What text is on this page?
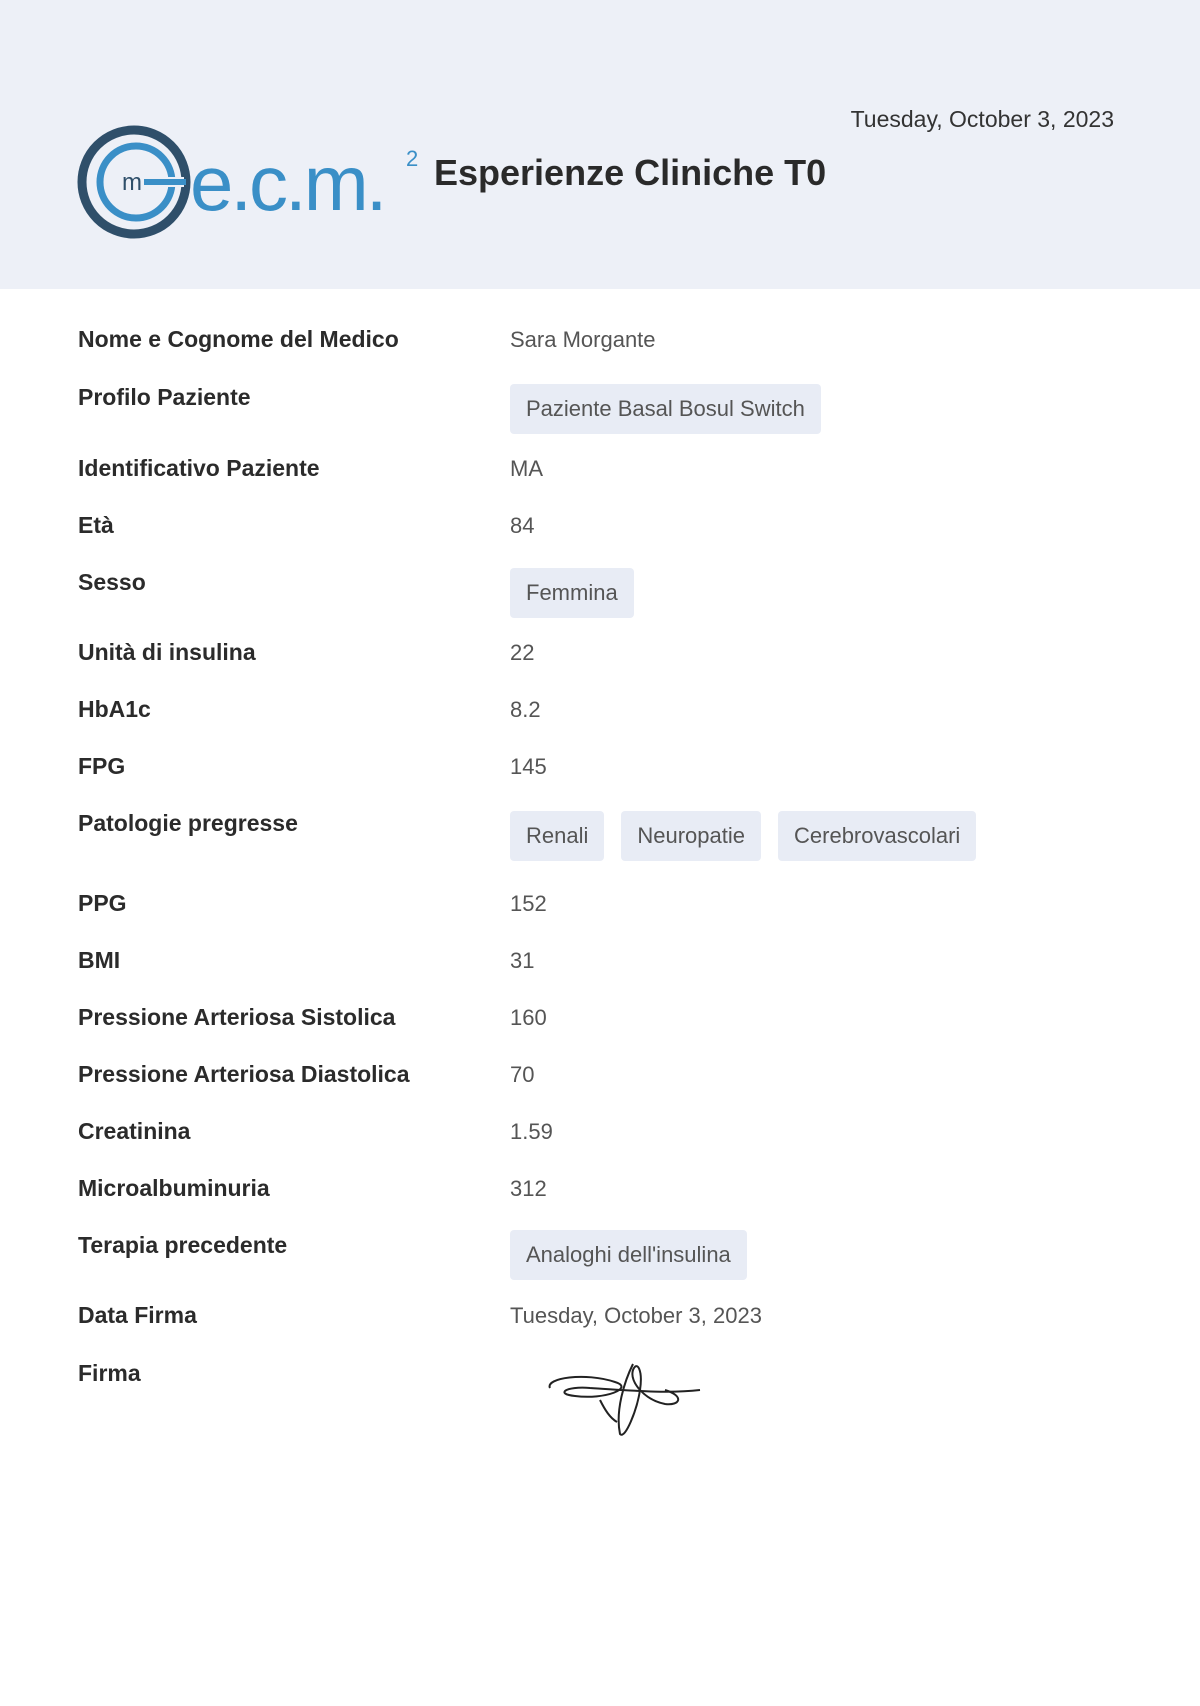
m e.c.m. 2 Esperienze Cliniche T0
Tuesday, October 3, 2023
Nome e Cognome del Medico	Sara Morgante
Profilo Paziente	Paziente Basal Bosul Switch
Identificativo Paziente	MA
Età	84
Sesso	Femmina
Unità di insulina	22
HbA1c	8.2
FPG	145
Patologie pregresse	Renali	Neuropatie	Cerebrovascolari
PPG	152
BMI	31
Pressione Arteriosa Sistolica	160
Pressione Arteriosa Diastolica	70
Creatinina	1.59
Microalbuminuria	312
Terapia precedente	Analoghi dell'insulina
Data Firma	Tuesday, October 3, 2023
Firma
